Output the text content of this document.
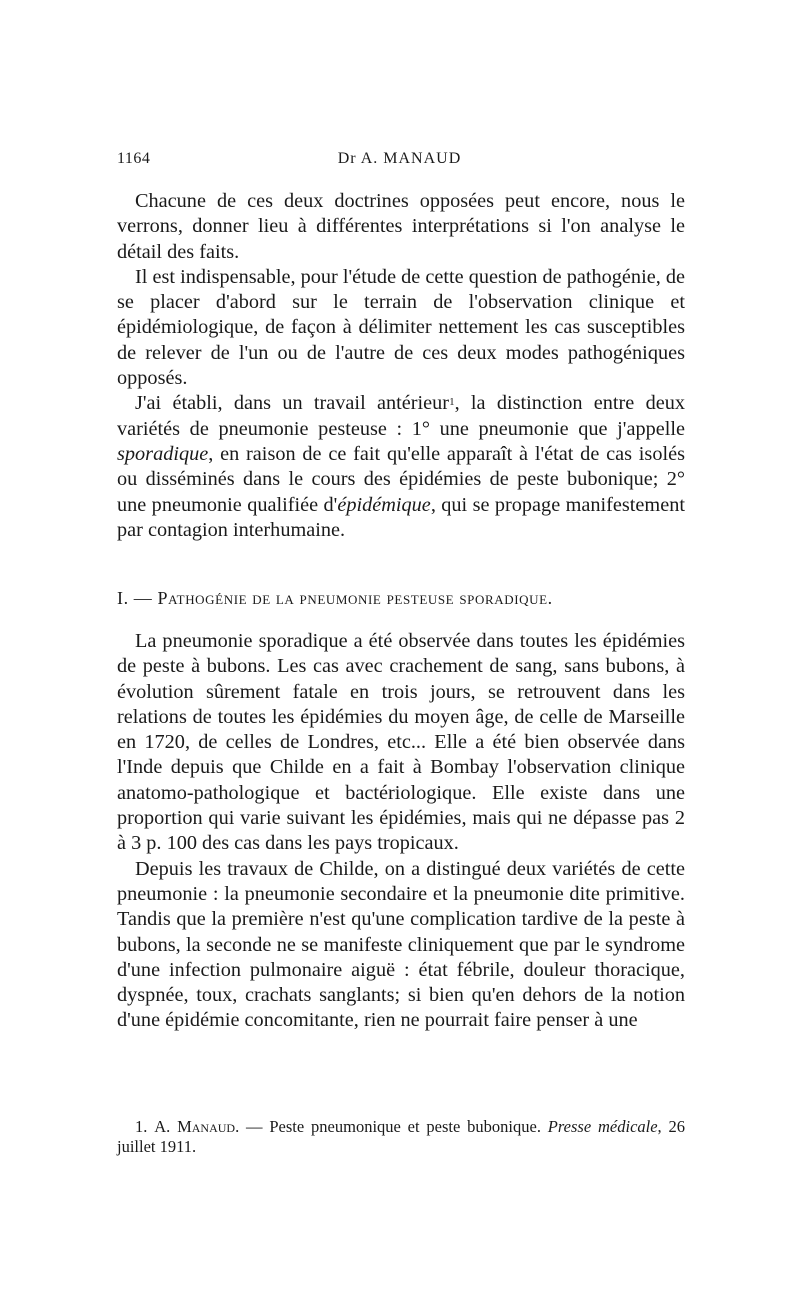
1164	Dr A. MANAUD

Chacune de ces deux doctrines opposées peut encore, nous le verrons, donner lieu à différentes interprétations si l'on analyse le détail des faits.

Il est indispensable, pour l'étude de cette question de pathogénie, de se placer d'abord sur le terrain de l'observation clinique et épidémiologique, de façon à délimiter nettement les cas susceptibles de relever de l'un ou de l'autre de ces deux modes pathogéniques opposés.

J'ai établi, dans un travail antérieur$^1$, la distinction entre deux variétés de pneumonie pesteuse : 1° une pneumonie que j'appelle sporadique, en raison de ce fait qu'elle apparaît à l'état de cas isolés ou disséminés dans le cours des épidémies de peste bubonique; 2° une pneumonie qualifiée d'épidémique, qui se propage manifestement par contagion interhumaine.

I. — Pathogénie de la pneumonie pesteuse sporadique.

La pneumonie sporadique a été observée dans toutes les épidémies de peste à bubons. Les cas avec crachement de sang, sans bubons, à évolution sûrement fatale en trois jours, se retrouvent dans les relations de toutes les épidémies du moyen âge, de celle de Marseille en 1720, de celles de Londres, etc... Elle a été bien observée dans l'Inde depuis que Childe en a fait à Bombay l'observation clinique anatomo-pathologique et bactériologique. Elle existe dans une proportion qui varie suivant les épidémies, mais qui ne dépasse pas 2 à 3 p. 100 des cas dans les pays tropicaux.

Depuis les travaux de Childe, on a distingué deux variétés de cette pneumonie : la pneumonie secondaire et la pneumonie dite primitive. Tandis que la première n'est qu'une complication tardive de la peste à bubons, la seconde ne se manifeste cliniquement que par le syndrome d'une infection pulmonaire aiguë : état fébrile, douleur thoracique, dyspnée, toux, crachats sanglants; si bien qu'en dehors de la notion d'une épidémie concomitante, rien ne pourrait faire penser à une

1. A. Manaud. — Peste pneumonique et peste bubonique. Presse médicale, 26 juillet 1911.
